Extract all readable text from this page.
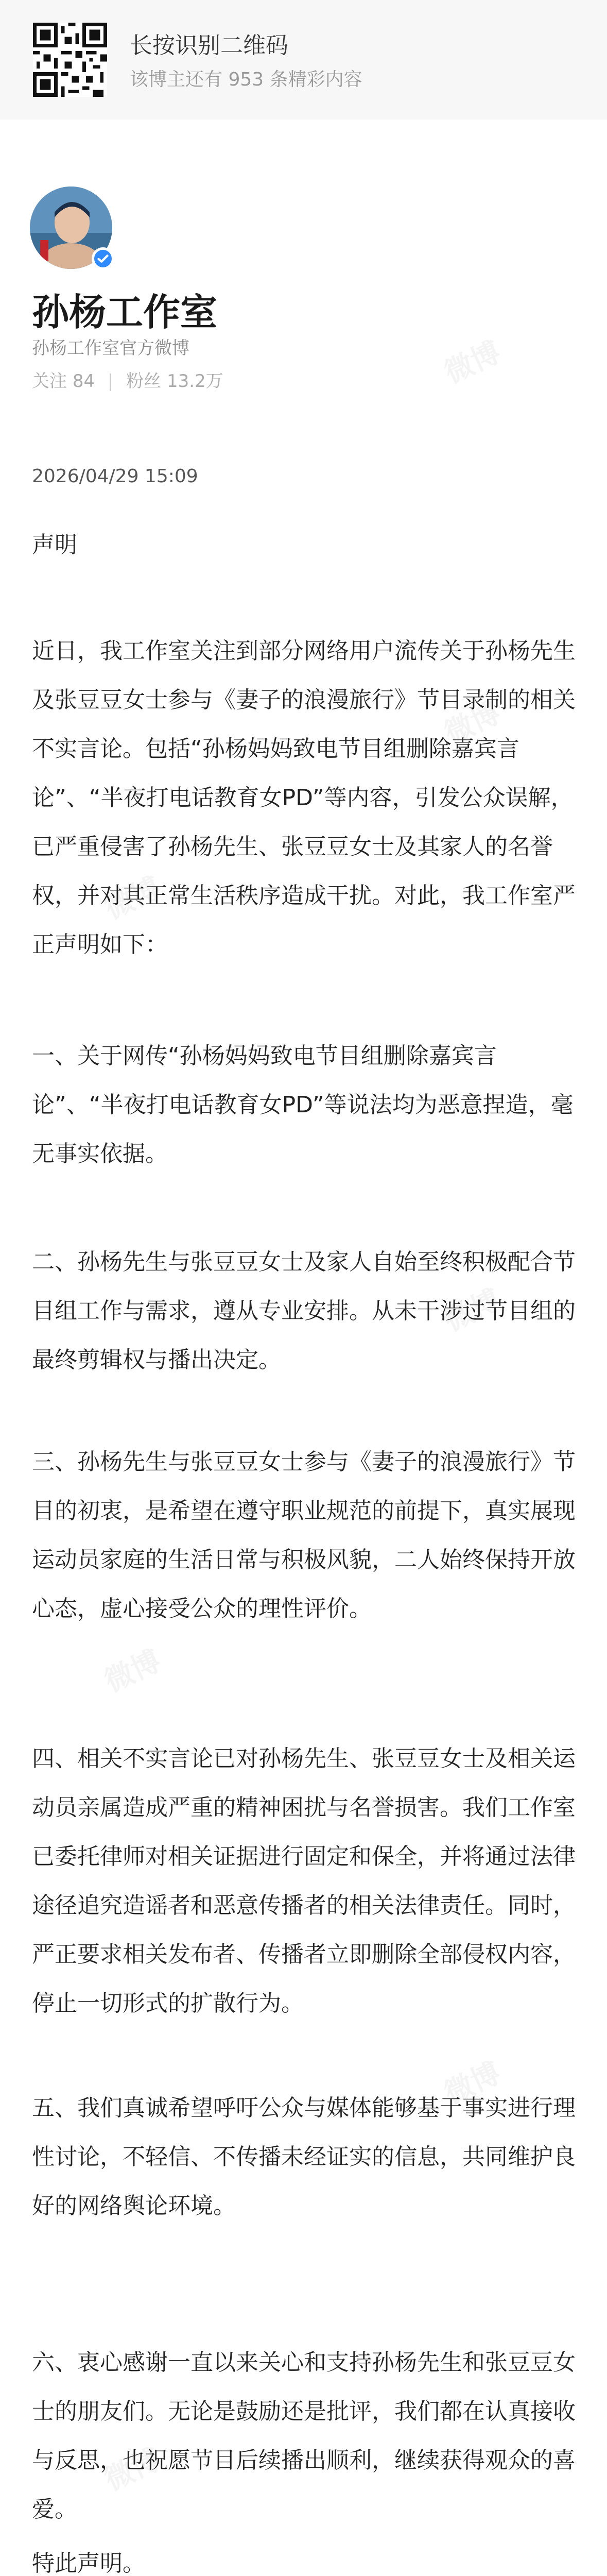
长按识别二维码
该博主还有 953 条精彩内容
孙杨工作室
孙杨工作室官方微博
关注 84 | 粉丝 13.2万
2026/04/29 15:09
声明
近日，我工作室关注到部分网络用户流传关于孙杨先生及张豆豆女士参与《妻子的浪漫旅行》节目录制的相关不实言论。包括“孙杨妈妈致电节目组删除嘉宾言论”、“半夜打电话教育女PD”等内容，引发公众误解，已严重侵害了孙杨先生、张豆豆女士及其家人的名誉权，并对其正常生活秩序造成干扰。对此，我工作室严正声明如下：
一、关于网传“孙杨妈妈致电节目组删除嘉宾言论”、“半夜打电话教育女PD”等说法均为恶意捏造，毫无事实依据。
二、孙杨先生与张豆豆女士及家人自始至终积极配合节目组工作与需求，遵从专业安排。从未干涉过节目组的最终剪辑权与播出决定。
三、孙杨先生与张豆豆女士参与《妻子的浪漫旅行》节目的初衷，是希望在遵守职业规范的前提下，真实展现运动员家庭的生活日常与积极风貌，二人始终保持开放心态，虚心接受公众的理性评价。
四、相关不实言论已对孙杨先生、张豆豆女士及相关运动员亲属造成严重的精神困扰与名誉损害。我们工作室已委托律师对相关证据进行固定和保全，并将通过法律途径追究造谣者和恶意传播者的相关法律责任。同时，严正要求相关发布者、传播者立即删除全部侵权内容，停止一切形式的扩散行为。
五、我们真诚希望呼吁公众与媒体能够基于事实进行理性讨论，不轻信、不传播未经证实的信息，共同维护良好的网络舆论环境。
六、衷心感谢一直以来关心和支持孙杨先生和张豆豆女士的朋友们。无论是鼓励还是批评，我们都在认真接收与反思，也祝愿节目后续播出顺利，继续获得观众的喜爱。
特此声明。
